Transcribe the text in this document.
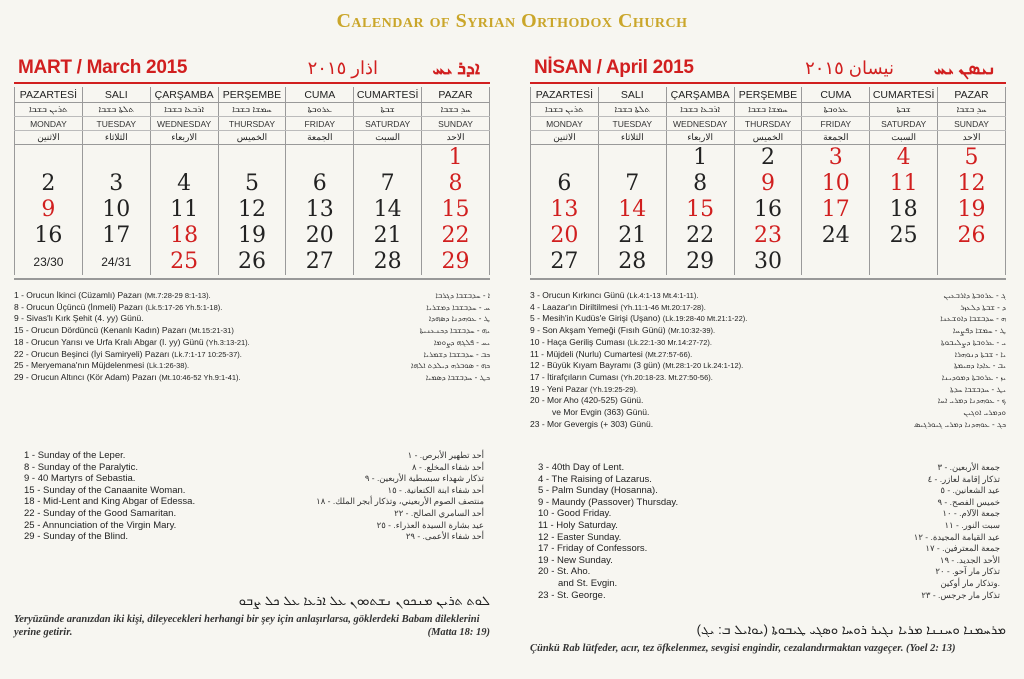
Calendar of Syrian Orthodox Church
MART / March 2015	اذار ٢٠١٥	ܐܕܪ ܝܚ
PAZARTESİ	SALI	ÇARŞAMBA	PERŞEMBE	CUMA	CUMARTESİ	PAZAR
ܬܪܝܢ ܒܫܒܐ	ܬܠܬܐ ܒܫܒܐ	ܐܪܒܥܐ ܒܫܒܐ	ܚܡܫܐ ܒܫܒܐ	ܥܪܘܒܬܐ	ܫܒܬܐ	ܚܕ ܒܫܒܐ
MONDAY	TUESDAY	WEDNESDAY	THURSDAY	FRIDAY	SATURDAY	SUNDAY
الاثنين	الثلاثاء	الاربعاء	الخميس	الجمعة	السبت	الاحد
						1
2	3	4	5	6	7	8
9	10	11	12	13	14	15
16	17	18	19	20	21	22
23/30	24/31	25	26	27	28	29
1 - Orucun İkinci (Cüzamlı) Pazarı (Mt.7:28-29 8:1-13).	ܐ - ܚܕܒܫܒܐ ܕܓܪܒܐ
8 - Orucun Üçüncü (İnmeli) Pazarı (Lk.5:17-26 Yh.5:1-18).	ܚ - ܚܕܒܫܒܐ ܕܡܫܪܝܐ
9 - Sivas'lı Kırk Şehit (4. yy) Günü.	ܛ - ܥܘܗܕܢܐ ܕܣܗܕܐ
15 - Orucun Dördüncü (Kenanlı Kadın) Pazarı (Mt.15:21-31)	ܝܗ - ܚܕܒܫܒܐ ܕܟܢܥܢܝܬܐ
18 - Orucun Yarısı ve Urfa Kralı Abgar (I. yy) Günü (Yh.3:13-21).	ܝܚ - ܦܠܓܗ ܕܨܘܡܐ
22 - Orucun Beşinci (İyi Samiryeli) Pazarı (Lk.7:1-17 10:25-37).	ܟܒ - ܚܕܒܫܒܐ ܕܫܡܪܝܐ
25 - Meryemana'nın Müjdelenmesi (Lk.1:26-38).	ܟܗ - ܣܘܒܪܗ ܕܝܠܕܬ ܐܠܗܐ
29 - Orucun Altıncı (Kör Adam) Pazarı (Mt.10:46-52 Yh.9:1-41).	ܟܛ - ܚܕܒܫܒܐ ܕܣܡܝܐ
1 - Sunday of the Leper.	أحد تطهير الأبرص. - ١
8 - Sunday of the Paralytic.	أحد شفاء المخلع. - ٨
9 - 40 Martyrs of Sebastia.	تذكار شهداء سبسطية الأربعين. - ٩
15 - Sunday of the Canaanite Woman.	أحد شفاء ابنة الكنعانية. - ١٥
18 - Mid-Lent and King Abgar of Edessa.	منتصف الصوم الأربعيني، وتذكار أبجر الملك. - ١٨
22 - Sunday of the Good Samaritan.	أحد السامري الصالح. - ٢٢
25 - Annunciation of the Virgin Mary.	عيد بشارة السيدة العذراء. - ٢٥
29 - Sunday of the Blind.	أحد شفاء الأعمى. - ٢٩
ܠܘܬ ܬܪܝܢ ܡܢܟܘܢ ܢܫܬܘܘܢ ܥܠ ܐܪܥܐ ܥܠ ܟܠ ܨܒܘ
Yeryüzünde aranızdan iki kişi, dileyecekleri herhangi bir şey için anlaşırlarsa, göklerdeki Babam dileklerini yerine getirir.	(Matta 18: 19)
NİSAN / April 2015	نيسان ٢٠١٥ ܢܝܣܢ ܝܚ
PAZARTESİ	SALI	ÇARŞAMBA	PERŞEMBE	CUMA	CUMARTESİ	PAZAR
ܬܪܝܢ ܒܫܒܐ	ܬܠܬܐ ܒܫܒܐ	ܐܪܒܥܐ ܒܫܒܐ	ܚܡܫܐ ܒܫܒܐ	ܥܪܘܒܬܐ	ܫܒܬܐ	ܚܕ ܒܫܒܐ
MONDAY	TUESDAY	WEDNESDAY	THURSDAY	FRIDAY	SATURDAY	SUNDAY
الاثنين	الثلاثاء	الاربعاء	الخميس	الجمعة	السبت	الاحد
		1	2	3	4	5
6	7	8	9	10	11	12
13	14	15	16	17	18	19
20	21	22	23	24	25	26
27	28	29	30			
3 - Orucun Kırkıncı Günü (Lk.4:1-13 Mt.4:1-11).	ܓ - ܥܪܘܒܬܐ ܕܐܪܒܥܝܢ
4 - Laazar'ın Diriltilmesi (Yh.11:1-46 Mt.20:17-28).	ܕ - ܫܒܬܐ ܕܠܥܙܪ
5 - Mesih'in Kudüs'e Girişi (Uşano) (Lk.19:28-40 Mt.21:1-22).	ܗ - ܚܕܒܫܒܐ ܕܐܘܫܥܢܐ
9 - Son Akşam Yemeği (Fısıh Günü) (Mr.10:32-39).	ܛ - ܚܡܫܐ ܕܦܨܚܐ
10 - Haça Geriliş Cuması (Lk.22:1-30 Mr.14:27-72).	ܝ - ܥܪܘܒܬܐ ܕܨܠܝܒܘܬܐ
11 - Müjdeli (Nurlu) Cumartesi (Mt.27:57-66).	ܝܐ - ܫܒܬܐ ܕܢܘܗܪܐ
12 - Büyük Kıyam Bayramı (3 gün) (Mt.28:1-20 Lk.24:1-12).	ܝܒ - ܥܐܕܐ ܕܩܝܡܬܐ
17 - İtirafçıların Cuması (Yh.20:18-23. Mt.27:50-56).	ܝܙ - ܥܪܘܒܬܐ ܕܡܘܕܝܢܐ
19 - Yeni Pazar (Yh.19:25-29).	ܝܛ - ܚܕܒܫܒܐ ܚܕܬܐ
20 - Mor Aho (420-525) Günü.	ܟ - ܥܘܗܕܢܐ ܕܡܪܝ ܐܚܐ
ve Mor Evgin (363) Günü.	ܘܕܡܪܝ ܐܘܓܝܢ
23 - Mor Gevergis (+ 303) Günü.	ܟܓ - ܥܘܗܕܢܐ ܕܡܪܝ ܓܝܘܪܓܝܣ
3 - 40th Day of Lent.	جمعة الأربعين. - ٣
4 - The Raising of Lazarus.	تذكار إقامة لعازر. - ٤
5 - Palm Sunday (Hosanna).	عيد الشعانين. - ٥
9 - Maundy (Passover) Thursday.	خميس الفصح. - ٩
10 - Good Friday.	جمعة الآلام. - ١٠
11 - Holy Saturday.	سبت النور. - ١١
12 - Easter Sunday.	عيد القيامة المجيدة. - ١٢
17 - Friday of Confessors.	جمعة المعترفين. - ١٧
19 - New Sunday.	الأحد الجديد. - ١٩
20 - St. Aho.	تذكار مار آحو. - ٢٠
and St. Evgin.	وتذكار مار أوكين.
23 - St. George.	تذكار مار جرجس. - ٢٣
ܡܪܚܡܢܐ ܘܚܢܢܐ ܡܪܝܐ ܢܓܝܪ ܪܘܚܐ ܘܣܓܝ ܛܝܒܘܬܐ (ܝܘܐܝܠ ܒ: ܝܓ)
Çünkü Rab lütfeder, acır, tez öfkelenmez, sevgisi engindir, cezalandırmaktan vazgeçer. (Yoel 2: 13)
